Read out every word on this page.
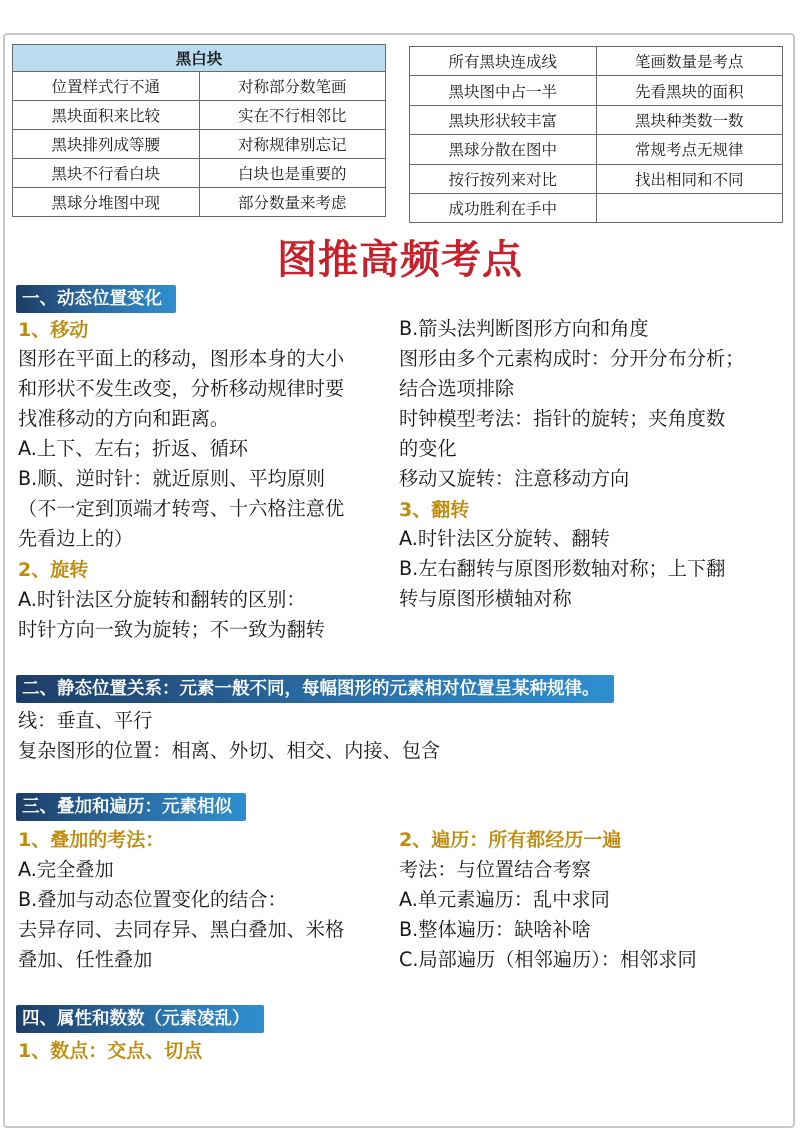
黑白块	
位置样式行不通	对称部分数笔画
黑块面积来比较	实在不行相邻比
黑块排列成等腰	对称规律别忘记
黑块不行看白块	白块也是重要的
黑球分堆图中现	部分数量来考虑
所有黑块连成线	笔画数量是考点
黑块图中占一半	先看黑块的面积
黑块形状较丰富	黑块种类数一数
黑球分散在图中	常规考点无规律
按行按列来对比	找出相同和不同
成功胜利在手中	
图推高频考点
一、动态位置变化
1、移动
图形在平面上的移动，图形本身的大小
和形状不发生改变，分析移动规律时要
找准移动的方向和距离。
A.上下、左右；折返、循环
B.顺、逆时针：就近原则、平均原则
（不一定到顶端才转弯、十六格注意优
先看边上的）
2、旋转
A.时针法区分旋转和翻转的区别：
时针方向一致为旋转；不一致为翻转
B.箭头法判断图形方向和角度
图形由多个元素构成时：分开分布分析；
结合选项排除
时钟模型考法：指针的旋转；夹角度数
的变化
移动又旋转：注意移动方向
3、翻转
A.时针法区分旋转、翻转
B.左右翻转与原图形数轴对称；上下翻
转与原图形横轴对称
二、静态位置关系：元素一般不同，每幅图形的元素相对位置呈某种规律。
线：垂直、平行
复杂图形的位置：相离、外切、相交、内接、包含
三、叠加和遍历：元素相似
1、叠加的考法：
A.完全叠加
B.叠加与动态位置变化的结合：
去异存同、去同存异、黑白叠加、米格
叠加、任性叠加
2、遍历：所有都经历一遍
考法：与位置结合考察
A.单元素遍历：乱中求同
B.整体遍历：缺啥补啥
C.局部遍历（相邻遍历）：相邻求同
四、属性和数数（元素凌乱）
1、数点：交点、切点
